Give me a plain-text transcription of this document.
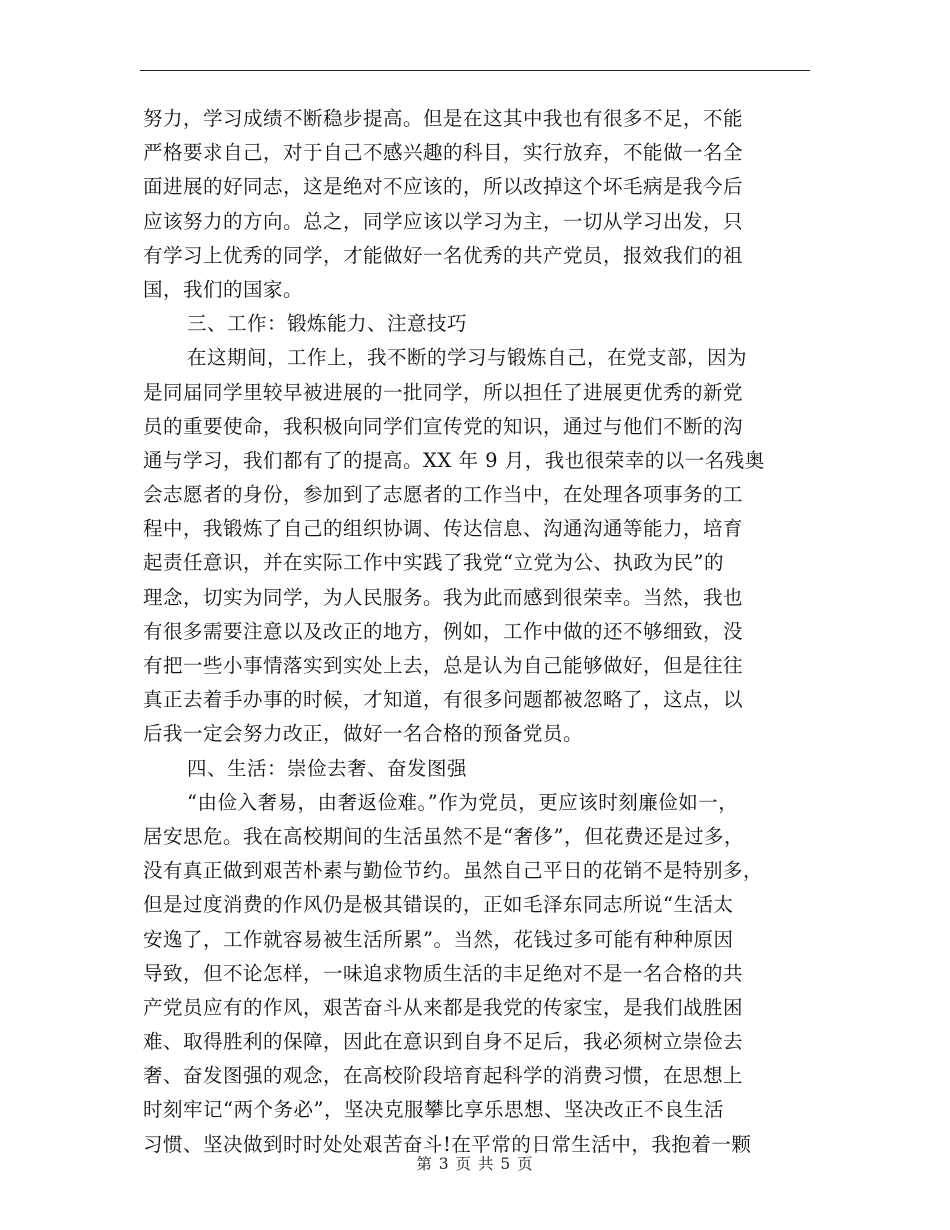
努力，学习成绩不断稳步提高。但是在这其中我也有很多不足，不能
严格要求自己，对于自己不感兴趣的科目，实行放弃，不能做一名全
面进展的好同志，这是绝对不应该的，所以改掉这个坏毛病是我今后
应该努力的方向。总之，同学应该以学习为主，一切从学习出发，只
有学习上优秀的同学，才能做好一名优秀的共产党员，报效我们的祖
国，我们的国家。
三、工作：锻炼能力、注意技巧
在这期间，工作上，我不断的学习与锻炼自己，在党支部，因为
是同届同学里较早被进展的一批同学，所以担任了进展更优秀的新党
员的重要使命，我积极向同学们宣传党的知识，通过与他们不断的沟
通与学习，我们都有了的提高。XX 年 9 月，我也很荣幸的以一名残奥
会志愿者的身份，参加到了志愿者的工作当中，在处理各项事务的工
程中，我锻炼了自己的组织协调、传达信息、沟通沟通等能力，培育
起责任意识，并在实际工作中实践了我党“立党为公、执政为民”的
理念，切实为同学，为人民服务。我为此而感到很荣幸。当然，我也
有很多需要注意以及改正的地方，例如，工作中做的还不够细致，没
有把一些小事情落实到实处上去，总是认为自己能够做好，但是往往
真正去着手办事的时候，才知道，有很多问题都被忽略了，这点，以
后我一定会努力改正，做好一名合格的预备党员。
四、生活：崇俭去奢、奋发图强
“由俭入奢易，由奢返俭难。”作为党员，更应该时刻廉俭如一，
居安思危。我在高校期间的生活虽然不是“奢侈”，但花费还是过多，
没有真正做到艰苦朴素与勤俭节约。虽然自己平日的花销不是特别多，
但是过度消费的作风仍是极其错误的，正如毛泽东同志所说“生活太
安逸了，工作就容易被生活所累”。当然，花钱过多可能有种种原因
导致，但不论怎样，一味追求物质生活的丰足绝对不是一名合格的共
产党员应有的作风，艰苦奋斗从来都是我党的传家宝，是我们战胜困
难、取得胜利的保障，因此在意识到自身不足后，我必须树立崇俭去
奢、奋发图强的观念，在高校阶段培育起科学的消费习惯，在思想上
时刻牢记“两个务必”，坚决克服攀比享乐思想、坚决改正不良生活
习惯、坚决做到时时处处艰苦奋斗!在平常的日常生活中，我抱着一颗
第 3 页 共 5 页
